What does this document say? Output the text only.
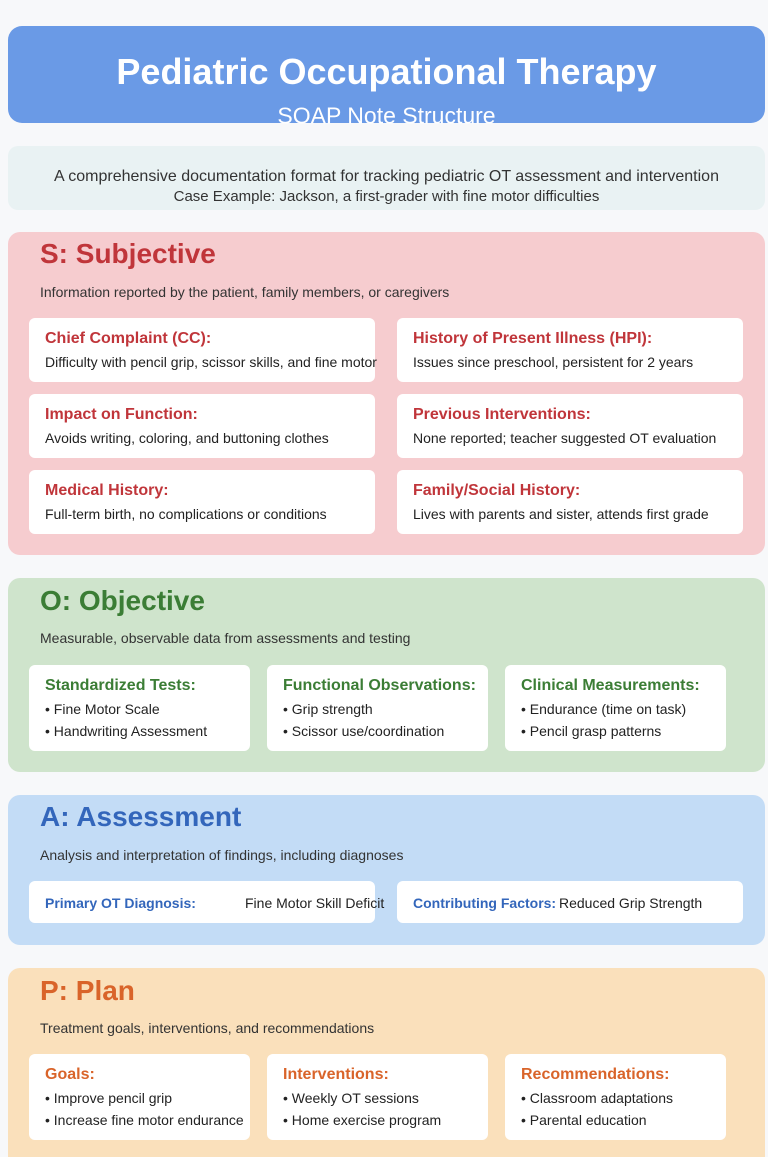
Pediatric Occupational Therapy
SOAP Note Structure
A comprehensive documentation format for tracking pediatric OT assessment and intervention
Case Example: Jackson, a first-grader with fine motor difficulties
S: Subjective
Information reported by the patient, family members, or caregivers
Chief Complaint (CC):
Difficulty with pencil grip, scissor skills, and fine motor
History of Present Illness (HPI):
Issues since preschool, persistent for 2 years
Impact on Function:
Avoids writing, coloring, and buttoning clothes
Previous Interventions:
None reported; teacher suggested OT evaluation
Medical History:
Full-term birth, no complications or conditions
Family/Social History:
Lives with parents and sister, attends first grade
O: Objective
Measurable, observable data from assessments and testing
Standardized Tests:
• Fine Motor Scale
• Handwriting Assessment
Functional Observations:
• Grip strength
• Scissor use/coordination
Clinical Measurements:
• Endurance (time on task)
• Pencil grasp patterns
A: Assessment
Analysis and interpretation of findings, including diagnoses
Primary OT Diagnosis:	Fine Motor Skill Deficit Contributing Factors: Reduced Grip Strength
P: Plan
Treatment goals, interventions, and recommendations
Goals:
• Improve pencil grip
• Increase fine motor endurance
Interventions:
• Weekly OT sessions
• Home exercise program
Recommendations:
• Classroom adaptations
• Parental education
